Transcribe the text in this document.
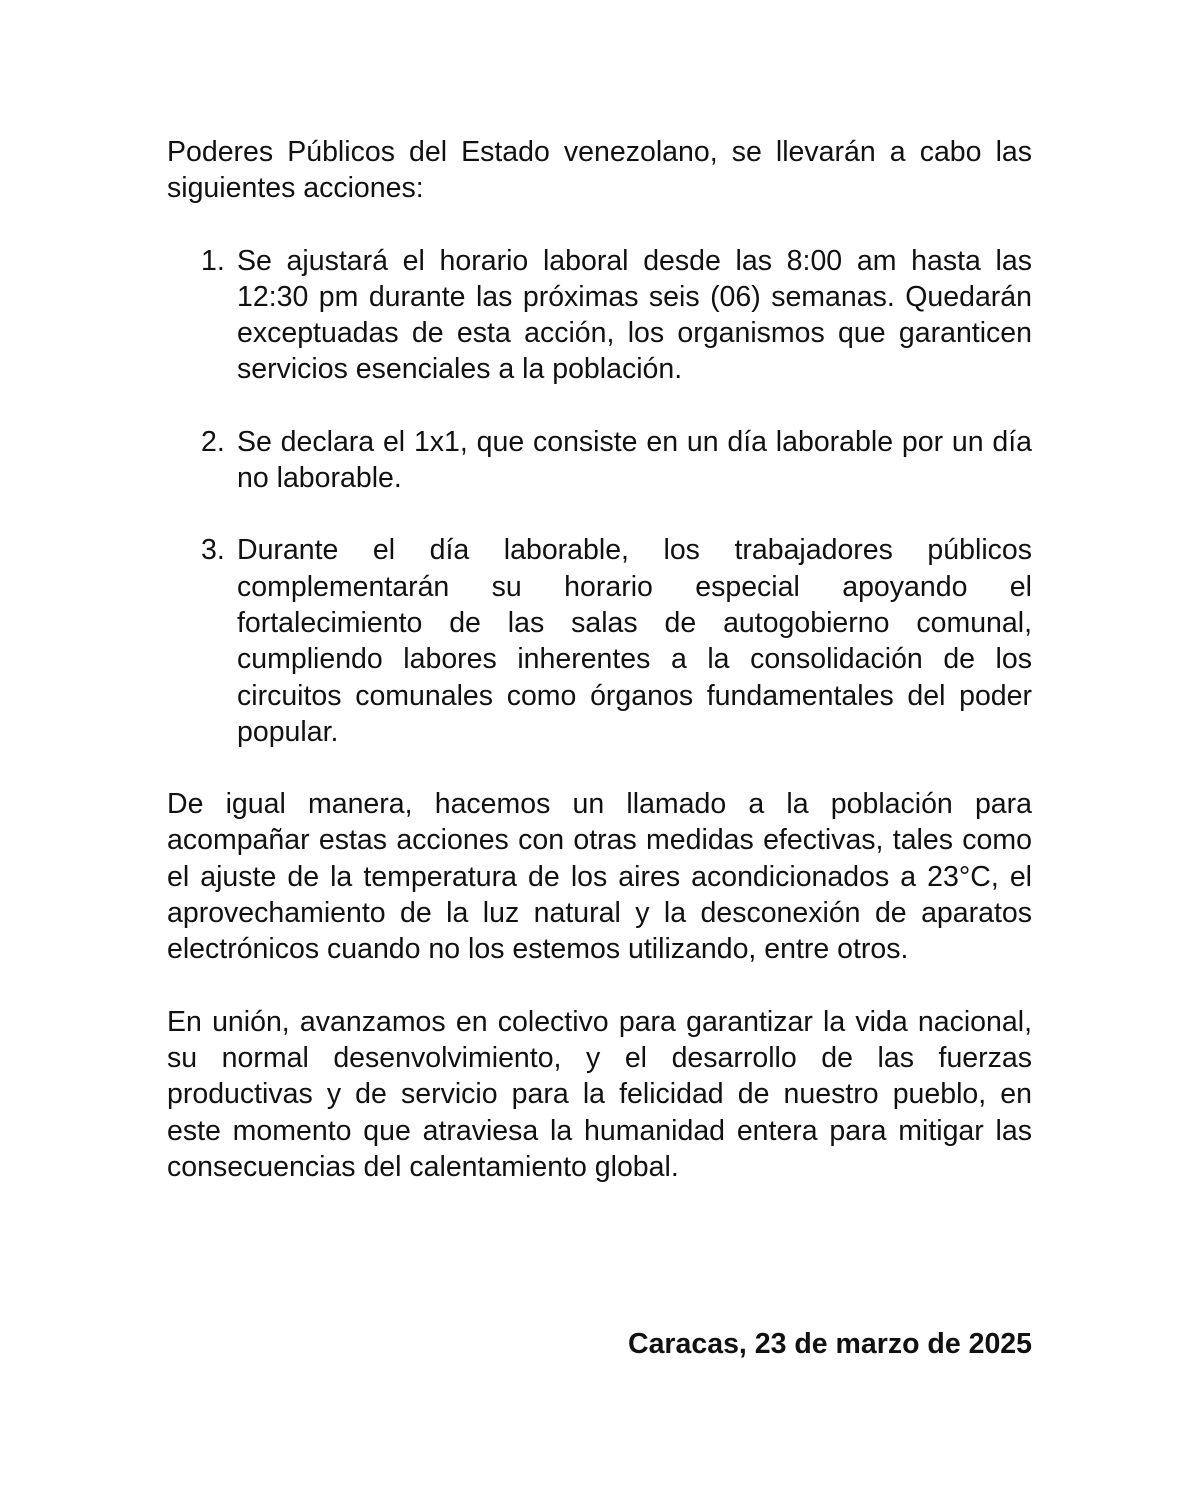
Poderes Públicos del Estado venezolano, se llevarán a cabo las siguientes acciones:

1. Se ajustará el horario laboral desde las 8:00 am hasta las 12:30 pm durante las próximas seis (06) semanas. Quedarán exceptuadas de esta acción, los organismos que garanticen servicios esenciales a la población.
2. Se declara el 1x1, que consiste en un día laborable por un día no laborable.
3. Durante el día laborable, los trabajadores públicos complementarán su horario especial apoyando el fortalecimiento de las salas de autogobierno comunal, cumpliendo labores inherentes a la consolidación de los circuitos comunales como órganos fundamentales del poder popular.

De igual manera, hacemos un llamado a la población para acompañar estas acciones con otras medidas efectivas, tales como el ajuste de la temperatura de los aires acondicionados a 23°C, el aprovechamiento de la luz natural y la desconexión de aparatos electrónicos cuando no los estemos utilizando, entre otros.

En unión, avanzamos en colectivo para garantizar la vida nacional, su normal desenvolvimiento, y el desarrollo de las fuerzas productivas y de servicio para la felicidad de nuestro pueblo, en este momento que atraviesa la humanidad entera para mitigar las consecuencias del calentamiento global.

Caracas, 23 de marzo de 2025
